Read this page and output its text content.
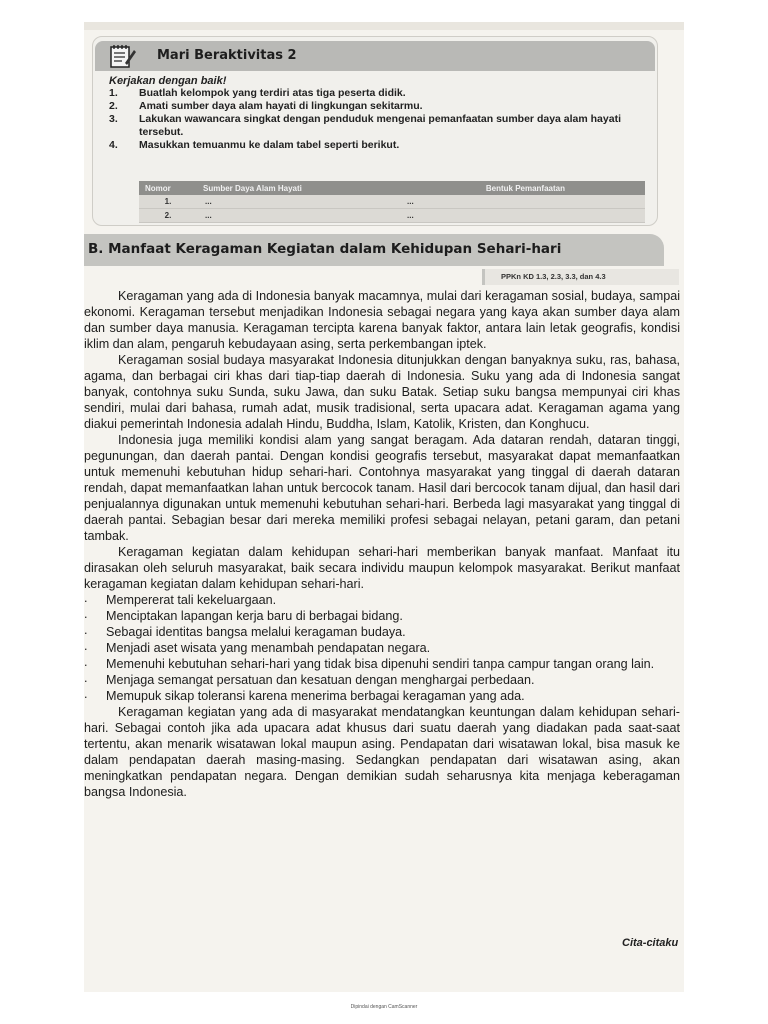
Mari Beraktivitas 2
Kerjakan dengan baik!
1. Buatlah kelompok yang terdiri atas tiga peserta didik.
2. Amati sumber daya alam hayati di lingkungan sekitarmu.
3. Lakukan wawancara singkat dengan penduduk mengenai pemanfaatan sumber daya alam hayati tersebut.
4. Masukkan temuanmu ke dalam tabel seperti berikut.
Nomor	Sumber Daya Alam Hayati	Bentuk Pemanfaatan
1.	...	...
2.	...	...
B. Manfaat Keragaman Kegiatan dalam Kehidupan Sehari-hari
PPKn KD 1.3, 2.3, 3.3, dan 4.3

Keragaman yang ada di Indonesia banyak macamnya, mulai dari keragaman sosial, budaya, sampai ekonomi. Keragaman tersebut menjadikan Indonesia sebagai negara yang kaya akan sumber daya alam dan sumber daya manusia. Keragaman tercipta karena banyak faktor, antara lain letak geografis, kondisi iklim dan alam, pengaruh kebudayaan asing, serta perkembangan iptek.

Keragaman sosial budaya masyarakat Indonesia ditunjukkan dengan banyaknya suku, ras, bahasa, agama, dan berbagai ciri khas dari tiap-tiap daerah di Indonesia. Suku yang ada di Indonesia sangat banyak, contohnya suku Sunda, suku Jawa, dan suku Batak. Setiap suku bangsa mempunyai ciri khas sendiri, mulai dari bahasa, rumah adat, musik tradisional, serta upacara adat. Keragaman agama yang diakui pemerintah Indonesia adalah Hindu, Buddha, Islam, Katolik, Kristen, dan Konghucu.

Indonesia juga memiliki kondisi alam yang sangat beragam. Ada dataran rendah, dataran tinggi, pegunungan, dan daerah pantai. Dengan kondisi geografis tersebut, masyarakat dapat memanfaatkan untuk memenuhi kebutuhan hidup sehari-hari. Contohnya masyarakat yang tinggal di daerah dataran rendah, dapat memanfaatkan lahan untuk bercocok tanam. Hasil dari bercocok tanam dijual, dan hasil dari penjualannya digunakan untuk memenuhi kebutuhan sehari-hari. Berbeda lagi masyarakat yang tinggal di daerah pantai. Sebagian besar dari mereka memiliki profesi sebagai nelayan, petani garam, dan petani tambak.

Keragaman kegiatan dalam kehidupan sehari-hari memberikan banyak manfaat. Manfaat itu dirasakan oleh seluruh masyarakat, baik secara individu maupun kelompok masyarakat. Berikut manfaat keragaman kegiatan dalam kehidupan sehari-hari.

. Mempererat tali kekeluargaan.
. Menciptakan lapangan kerja baru di berbagai bidang.
. Sebagai identitas bangsa melalui keragaman budaya.
. Menjadi aset wisata yang menambah pendapatan negara.
. Memenuhi kebutuhan sehari-hari yang tidak bisa dipenuhi sendiri tanpa campur tangan orang lain.
. Menjaga semangat persatuan dan kesatuan dengan menghargai perbedaan.
. Memupuk sikap toleransi karena menerima berbagai keragaman yang ada.

Keragaman kegiatan yang ada di masyarakat mendatangkan keuntungan dalam kehidupan sehari-hari. Sebagai contoh jika ada upacara adat khusus dari suatu daerah yang diadakan pada saat-saat tertentu, akan menarik wisatawan lokal maupun asing. Pendapatan dari wisatawan lokal, bisa masuk ke dalam pendapatan daerah masing-masing. Sedangkan pendapatan dari wisatawan asing, akan meningkatkan pendapatan negara. Dengan demikian sudah seharusnya kita menjaga keberagaman bangsa Indonesia.

Cita-citaku
Dipindai dengan CamScanner
